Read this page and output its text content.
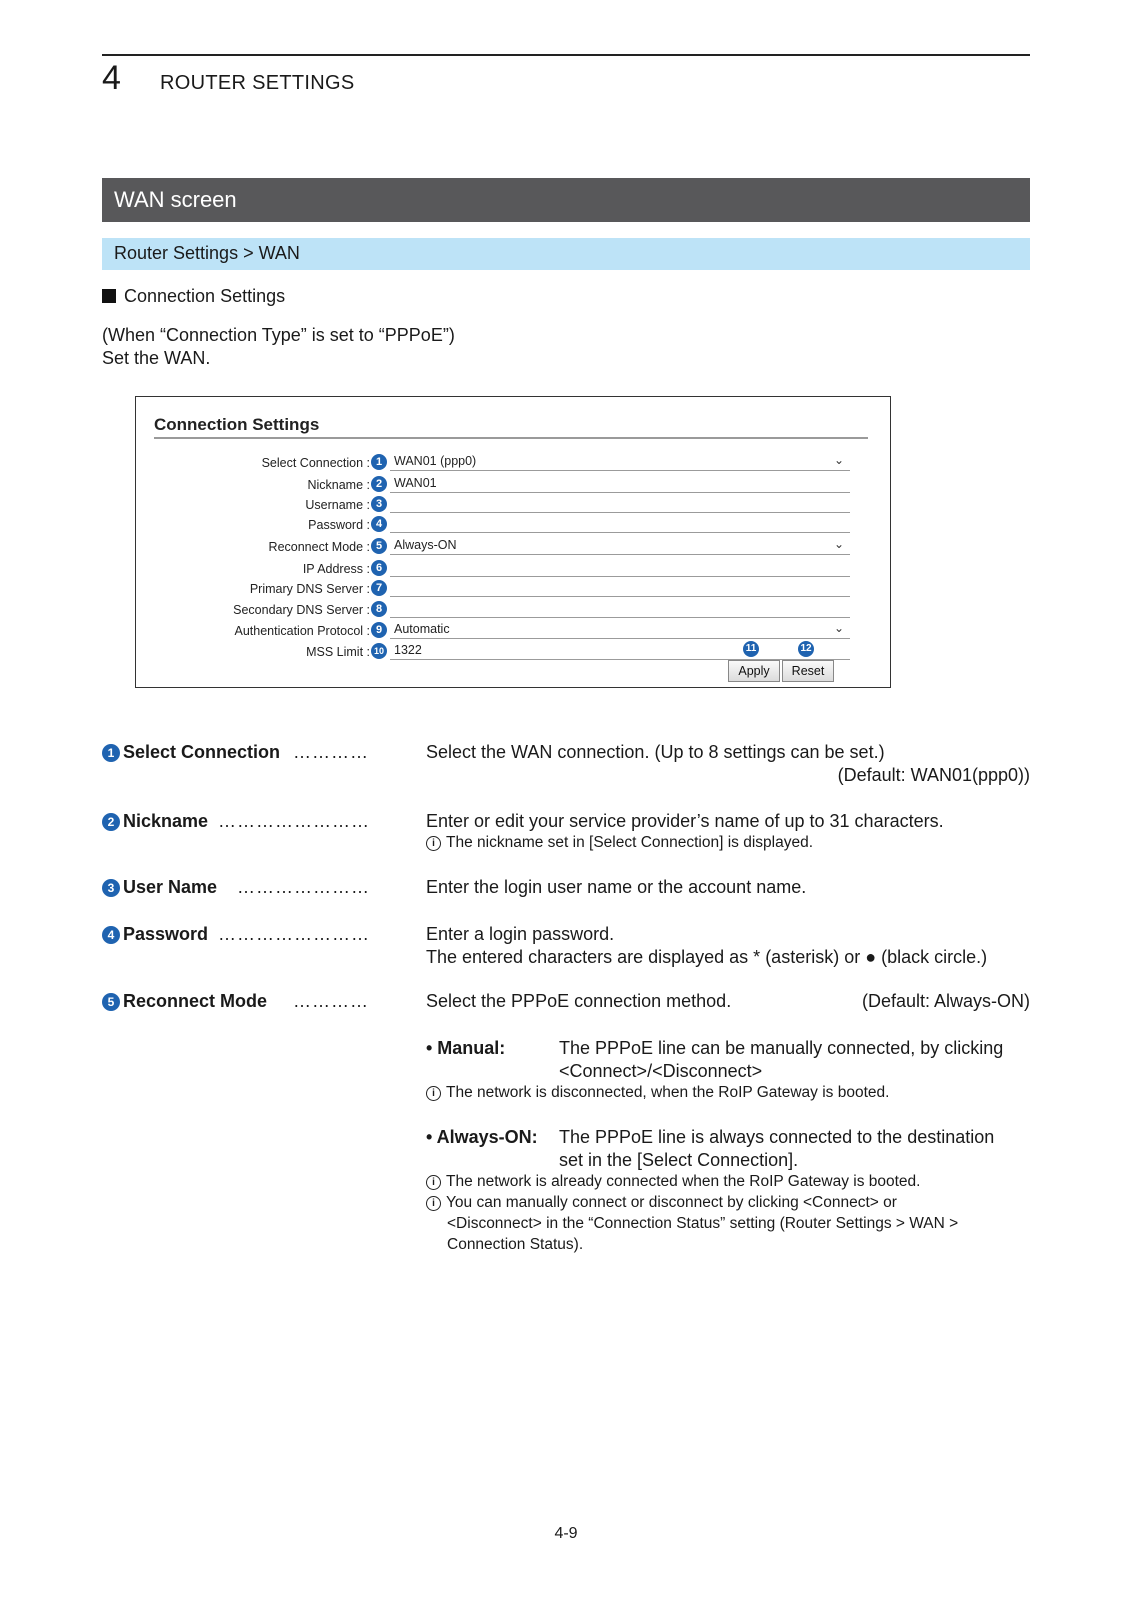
4 ROUTER SETTINGS
WAN screen
Router Settings > WAN
Connection Settings
(When “Connection Type” is set to “PPPoE”)
Set the WAN.
Connection Settings
Select Connection : 1 WAN01 (ppp0)	⌄
Nickname : 2 WAN01
Username : 3
Password : 4
Reconnect Mode : 5 Always-ON	⌄
IP Address : 6
Primary DNS Server : 7
Secondary DNS Server : 8
Authentication Protocol : 9 Automatic	⌄
MSS Limit : 10 1322	11	12
Apply	Reset
1 Select Connection …………	Select the WAN connection. (Up to 8 settings can be set.)
(Default: WAN01(ppp0))
2 Nickname ……………………	Enter or edit your service provider’s name of up to 31 characters.
i The nickname set in [Select Connection] is displayed.
3 User Name …………………	Enter the login user name or the account name.
4 Password ……………………	Enter a login password.
The entered characters are displayed as * (asterisk) or ● (black circle.)
5 Reconnect Mode …………	Select the PPPoE connection method.	(Default: Always-ON)
• Manual:	The PPPoE line can be manually connected, by clicking
<Connect>/<Disconnect>
i The network is disconnected, when the RoIP Gateway is booted.
• Always-ON: The PPPoE line is always connected to the destination
set in the [Select Connection].
i The network is already connected when the RoIP Gateway is booted.
i You can manually connect or disconnect by clicking <Connect> or
<Disconnect> in the “Connection Status” setting (Router Settings > WAN >
Connection Status).
4-9
